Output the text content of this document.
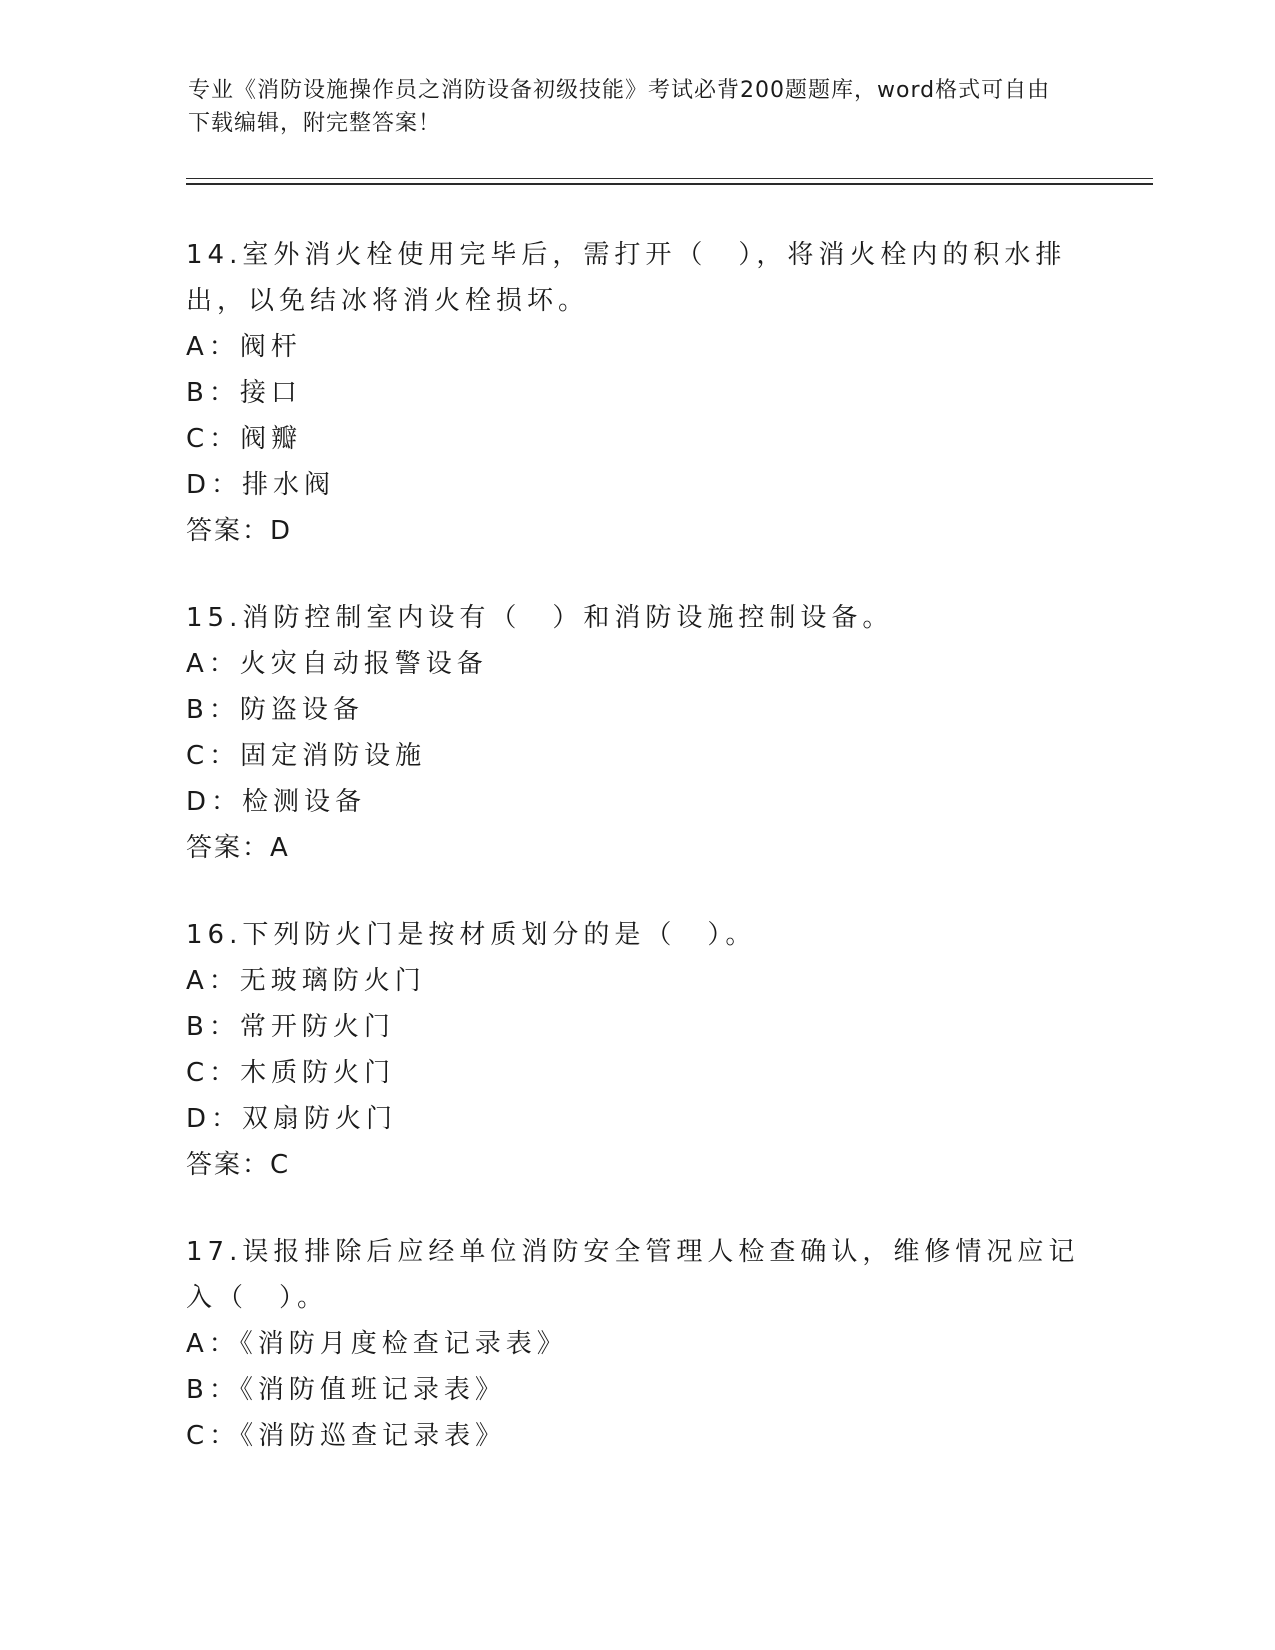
专业《消防设施操作员之消防设备初级技能》考试必背200题题库，word格式可自由下载编辑，附完整答案！
14.室外消火栓使用完毕后，需打开（　），将消火栓内的积水排出，以免结冰将消火栓损坏。
A：阀杆
B：接口
C：阀瓣
D：排水阀
答案：D
15.消防控制室内设有（　）和消防设施控制设备。
A：火灾自动报警设备
B：防盗设备
C：固定消防设施
D：检测设备
答案：A
16.下列防火门是按材质划分的是（　）。
A：无玻璃防火门
B：常开防火门
C：木质防火门
D：双扇防火门
答案：C
17.误报排除后应经单位消防安全管理人检查确认，维修情况应记入（　）。
A：《消防月度检查记录表》
B：《消防值班记录表》
C：《消防巡查记录表》
